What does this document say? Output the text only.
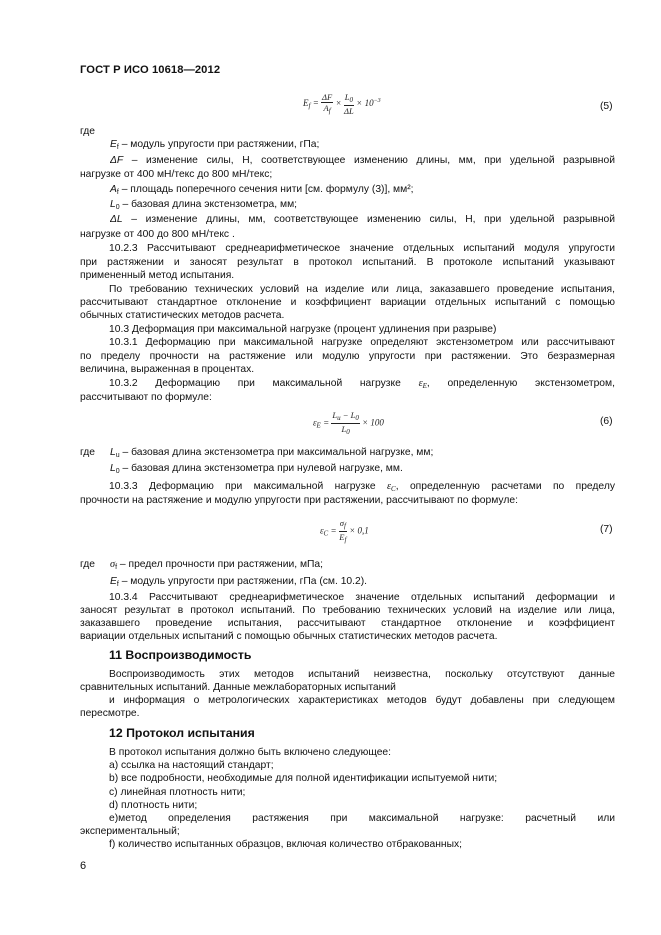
ГОСТ Р ИСО 10618—2012
$E_f = \frac{\Delta F}{A_f} \times \frac{L_0}{\Delta L} \times 10^{-3}$	(5)
где
$E_f$ – модуль упругости при растяжении, гПа;
ΔF – изменение силы, Н, соответствующее изменению длины, мм, при удельной разрывной
нагрузке от 400 мН/текс до 800 мН/текс;
$A_f$ – площадь поперечного сечения нити [см. формулу (3)], мм²;
$L_0$ – базовая длина экстензометра, мм;
ΔL – изменение длины, мм, соответствующее изменению силы, Н, при удельной разрывной
нагрузке от 400 до 800 мН/текс .
10.2.3 Рассчитывают среднеарифметическое значение отдельных испытаний модуля упругости
при растяжении и заносят результат в протокол испытаний. В протоколе испытаний указывают
примененный метод испытания.
По требованию технических условий на изделие или лица, заказавшего проведение испытания,
рассчитывают стандартное отклонение и коэффициент вариации отдельных испытаний с помощью
обычных статистических методов расчета.
10.3 Деформация при максимальной нагрузке (процент удлинения при разрыве)
10.3.1 Деформацию при максимальной нагрузке определяют экстензометром или рассчитывают
по пределу прочности на растяжение или модулю упругости при растяжении. Это безразмерная
величина, выраженная в процентах.
10.3.2 Деформацию при максимальной нагрузке $\varepsilon_E$, определенную экстензометром,
рассчитывают по формуле:
$\varepsilon_E = \frac{L_u - L_0}{L_0} \times 100$	(6)
где $L_u$ – базовая длина экстензометра при максимальной нагрузке, мм;
$L_0$ – базовая длина экстензометра при нулевой нагрузке, мм.
10.3.3 Деформацию при максимальной нагрузке $\varepsilon_C$, определенную расчетами по пределу
прочности на растяжение и модулю упругости при растяжении, рассчитывают по формуле:
$\varepsilon_C = \frac{\sigma_f}{E_f} \times 0,1$	(7)
где $\sigma_f$ – предел прочности при растяжении, мПа;
$E_f$ – модуль упругости при растяжении, гПа (см. 10.2).
10.3.4 Рассчитывают среднеарифметическое значение отдельных испытаний деформации и
заносят результат в протокол испытаний. По требованию технических условий на изделие или лица,
заказавшего проведение испытания, рассчитывают стандартное отклонение и коэффициент
вариации отдельных испытаний с помощью обычных статистических методов расчета.
11 Воспроизводимость
Воспроизводимость этих методов испытаний неизвестна, поскольку отсутствуют данные
сравнительных испытаний. Данные межлабораторных испытаний
и информация о метрологических характеристиках методов будут добавлены при следующем
пересмотре.
12 Протокол испытания
В протокол испытания должно быть включено следующее:
a) ссылка на настоящий стандарт;
b) все подробности, необходимые для полной идентификации испытуемой нити;
c) линейная плотность нити;
d) плотность нити;
e)метод определения растяжения при максимальной нагрузке: расчетный или
экспериментальный;
f) количество испытанных образцов, включая количество отбракованных;
6
